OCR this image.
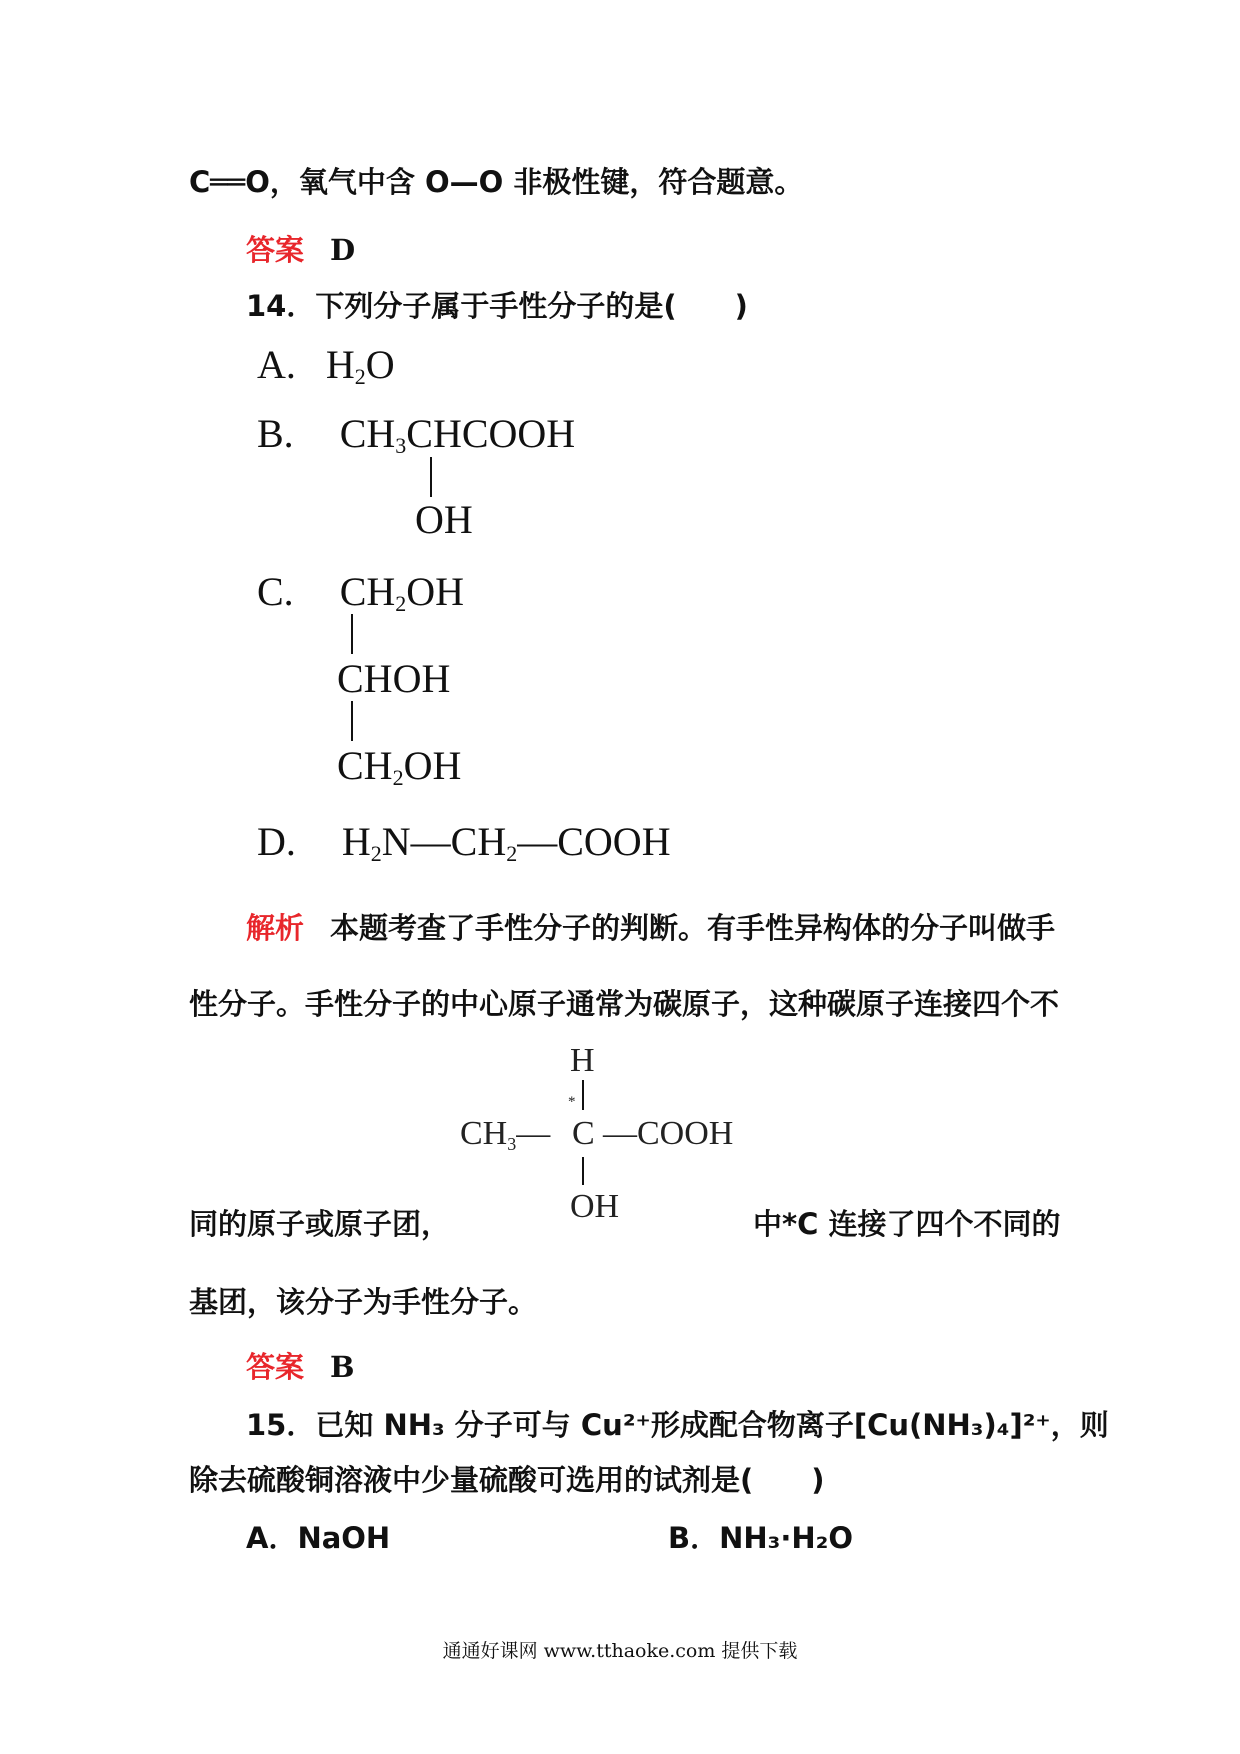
C══O，氧气中含 O—O 非极性键，符合题意。
答案 D
14．下列分子属于手性分子的是(　　)
A. $H_2O$
B. $CH_3CHCOOH$
OH
C. $CH_2OH$
CHOH
$CH_2OH$
D. $H_2N—CH_2—COOH$
解析 本题考查了手性分子的判断。有手性异构体的分子叫做手
性分子。手性分子的中心原子通常为碳原子，这种碳原子连接四个不
H
*
$CH_3—$ C —COOH
同的原子或原子团，	OH	中*C 连接了四个不同的
基团，该分子为手性分子。
答案 B
15．已知 NH₃ 分子可与 Cu²⁺形成配合物离子[Cu(NH₃)₄]²⁺，则
除去硫酸铜溶液中少量硫酸可选用的试剂是(　　)
A．NaOH	B．NH₃·H₂O
通通好课网 www.tthaoke.com 提供下载
